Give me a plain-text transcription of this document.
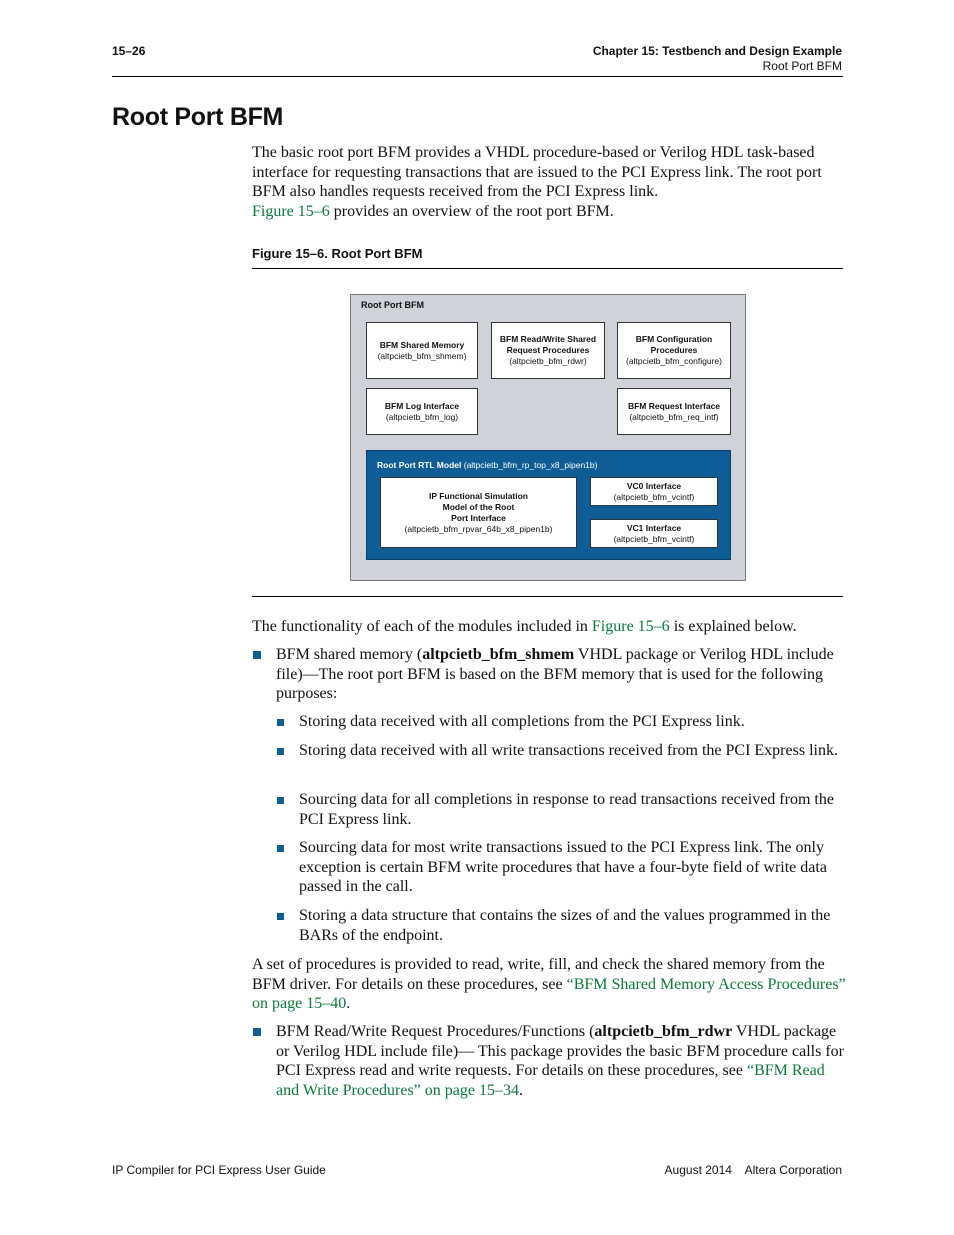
15–26	Chapter 15: Testbench and Design Example
Root Port BFM
Root Port BFM
The basic root port BFM provides a VHDL procedure-based or Verilog HDL task-based interface for requesting transactions that are issued to the PCI Express link. The root port BFM also handles requests received from the PCI Express link.
Figure 15–6 provides an overview of the root port BFM.
Figure 15–6. Root Port BFM
Root Port BFM
BFM Shared Memory
(altpcietb_bfm_shmem)
BFM Read/Write Shared
Request Procedures
(altpcietb_bfm_rdwr)
BFM Configuration
Procedures
(altpcietb_bfm_configure)
BFM Log Interface
(altpcietb_bfm_log)
BFM Request Interface
(altpcietb_bfm_req_intf)
Root Port RTL Model (altpcietb_bfm_rp_top_x8_pipen1b)
IP Functional Simulation
Model of the Root
Port Interface
(altpcietb_bfm_rpvar_64b_x8_pipen1b)
VC0 Interface
(altpcietb_bfm_vcintf)
VC1 Interface
(altpcietb_bfm_vcintf)
The functionality of each of the modules included in Figure 15–6 is explained below.
BFM shared memory (altpcietb_bfm_shmem VHDL package or Verilog HDL include file)—The root port BFM is based on the BFM memory that is used for the following purposes:
Storing data received with all completions from the PCI Express link.
Storing data received with all write transactions received from the PCI Express link.
Sourcing data for all completions in response to read transactions received from the PCI Express link.
Sourcing data for most write transactions issued to the PCI Express link. The only exception is certain BFM write procedures that have a four-byte field of write data passed in the call.
Storing a data structure that contains the sizes of and the values programmed in the BARs of the endpoint.
A set of procedures is provided to read, write, fill, and check the shared memory from the BFM driver. For details on these procedures, see “BFM Shared Memory Access Procedures” on page 15–40.
BFM Read/Write Request Procedures/Functions (altpcietb_bfm_rdwr VHDL package or Verilog HDL include file)— This package provides the basic BFM procedure calls for PCI Express read and write requests. For details on these procedures, see “BFM Read and Write Procedures” on page 15–34.
IP Compiler for PCI Express User Guide	August 2014    Altera Corporation
